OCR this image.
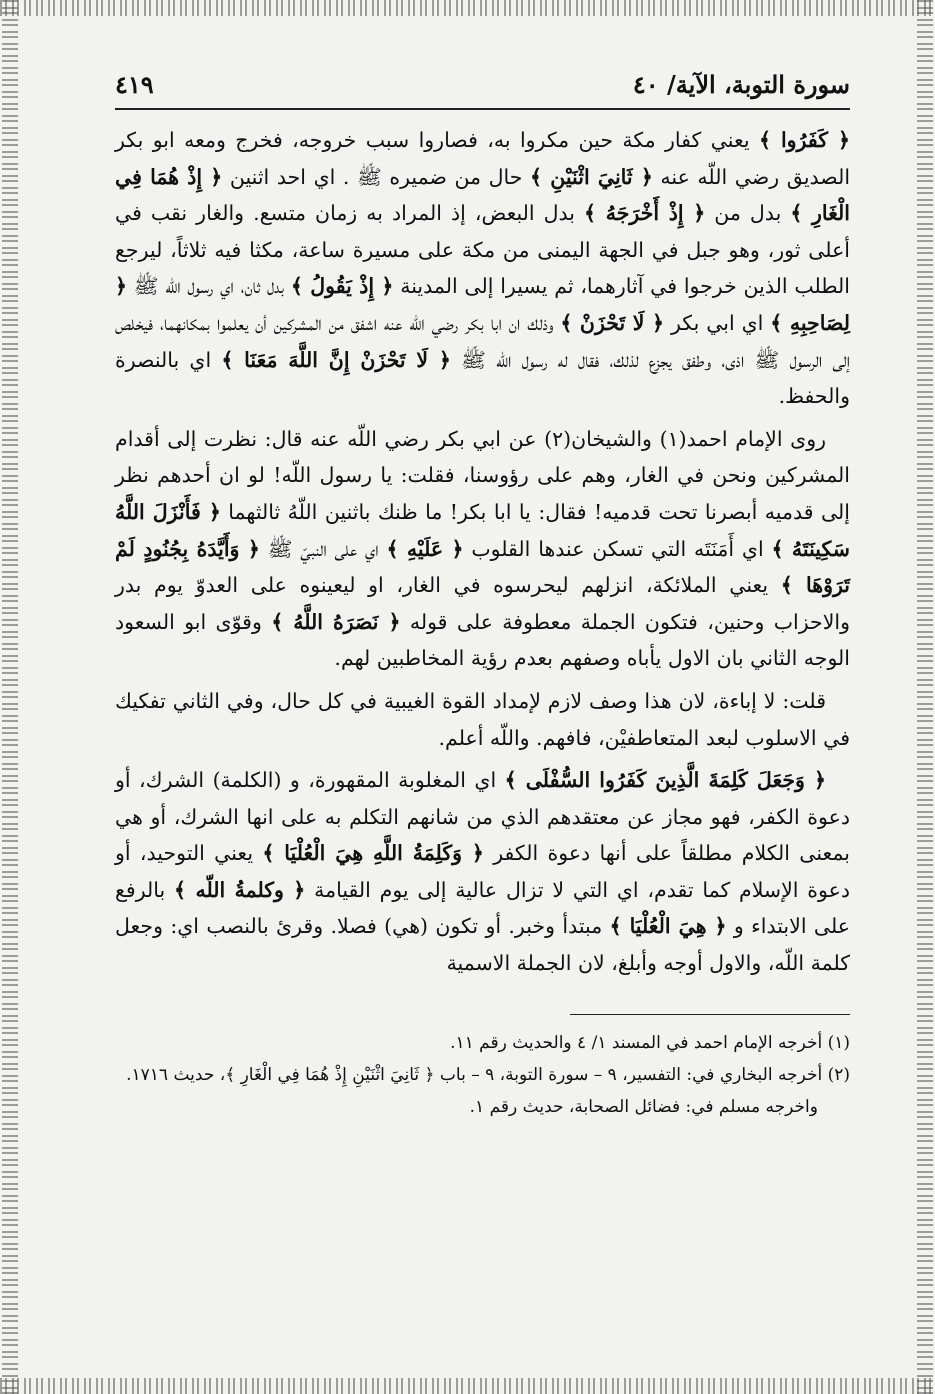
سورة التوبة، الآية/ ٤٠
٤١٩

﴿ كَفَرُوا ﴾ يعني كفار مكة حين مكروا به، فصاروا سبب خروجه، فخرج ومعه ابو بكر الصديق رضي اللّه عنه ﴿ ثَانِيَ اثْنَيْنِ ﴾ حال من ضميره ﷺ . اي احد اثنين ﴿ إِذْ هُمَا فِي الْغَارِ ﴾ بدل من ﴿ إِذْ أَخْرَجَهُ ﴾ بدل البعض، إذ المراد به زمان متسع. والغار نقب في أعلى ثور، وهو جبل في الجهة اليمنى من مكة على مسيرة ساعة، مكثا فيه ثلاثاً، ليرجع الطلب الذين خرجوا في آثارهما، ثم يسيرا إلى المدينة ﴿ إِذْ يَقُولُ ﴾ بدل ثان، اي رسول اللّه ﷺ ﴿ لِصَاحِبِهِ ﴾ اي ابي بكر ﴿ لَا تَحْزَنْ ﴾ وذلك ان ابا بكر رضي اللّه عنه اشفق من المشركين أن يعلموا بمكانهما، فيخلص إلى الرسول ﷺ اذى، وطفق يجزع لذلك، فقال له رسول اللّه ﷺ ﴿ لَا تَحْزَنْ إِنَّ اللَّهَ مَعَنَا ﴾ اي بالنصرة والحفظ.

روى الإمام احمد(١) والشيخان(٢) عن ابي بكر رضي اللّه عنه قال: نظرت إلى أقدام المشركين ونحن في الغار، وهم على رؤوسنا، فقلت: يا رسول اللّه! لو ان أحدهم نظر إلى قدميه أبصرنا تحت قدميه! فقال: يا ابا بكر! ما ظنك باثنين اللّهُ ثالثهما ﴿ فَأَنْزَلَ اللَّهُ سَكِينَتَهُ ﴾ اي أَمَنَتَه التي تسكن عندها القلوب ﴿ عَلَيْهِ ﴾ اي على النبيّ ﷺ ﴿ وَأَيَّدَهُ بِجُنُودٍ لَمْ تَرَوْهَا ﴾ يعني الملائكة، انزلهم ليحرسوه في الغار، او ليعينوه على العدوّ يوم بدر والاحزاب وحنين، فتكون الجملة معطوفة على قوله ﴿ نَصَرَهُ اللَّهُ ﴾ وقوّى ابو السعود الوجه الثاني بان الاول يأباه وصفهم بعدم رؤية المخاطبين لهم.

قلت: لا إباءة، لان هذا وصف لازم لإمداد القوة الغيبية في كل حال، وفي الثاني تفكيك في الاسلوب لبعد المتعاطفيْن، فافهم. واللّه أعلم.

﴿ وَجَعَلَ كَلِمَةَ الَّذِينَ كَفَرُوا السُّفْلَى ﴾ اي المغلوبة المقهورة، و (الكلمة) الشرك، أو دعوة الكفر، فهو مجاز عن معتقدهم الذي من شانهم التكلم به على انها الشرك، أو هي بمعنى الكلام مطلقاً على أنها دعوة الكفر ﴿ وَكَلِمَةُ اللَّهِ هِيَ الْعُلْيَا ﴾ يعني التوحيد، أو دعوة الإسلام كما تقدم، اي التي لا تزال عالية إلى يوم القيامة ﴿ وكلمةُ اللّه ﴾ بالرفع على الابتداء و ﴿ هِيَ الْعُلْيَا ﴾ مبتدأ وخبر. أو تكون (هي) فصلا. وقرئ بالنصب اي: وجعل كلمة اللّه، والاول أوجه وأبلغ، لان الجملة الاسمية

(١) أخرجه الإمام احمد في المسند ١/ ٤ والحديث رقم ١١.
(٢) أخرجه البخاري في: التفسير، ٩ – سورة التوبة، ٩ – باب ﴿ ثَانِيَ اثْنَيْنِ إِذْ هُمَا فِي الْغَارِ ﴾، حديث ١٧١٦.
واخرجه مسلم في: فضائل الصحابة، حديث رقم ١.
